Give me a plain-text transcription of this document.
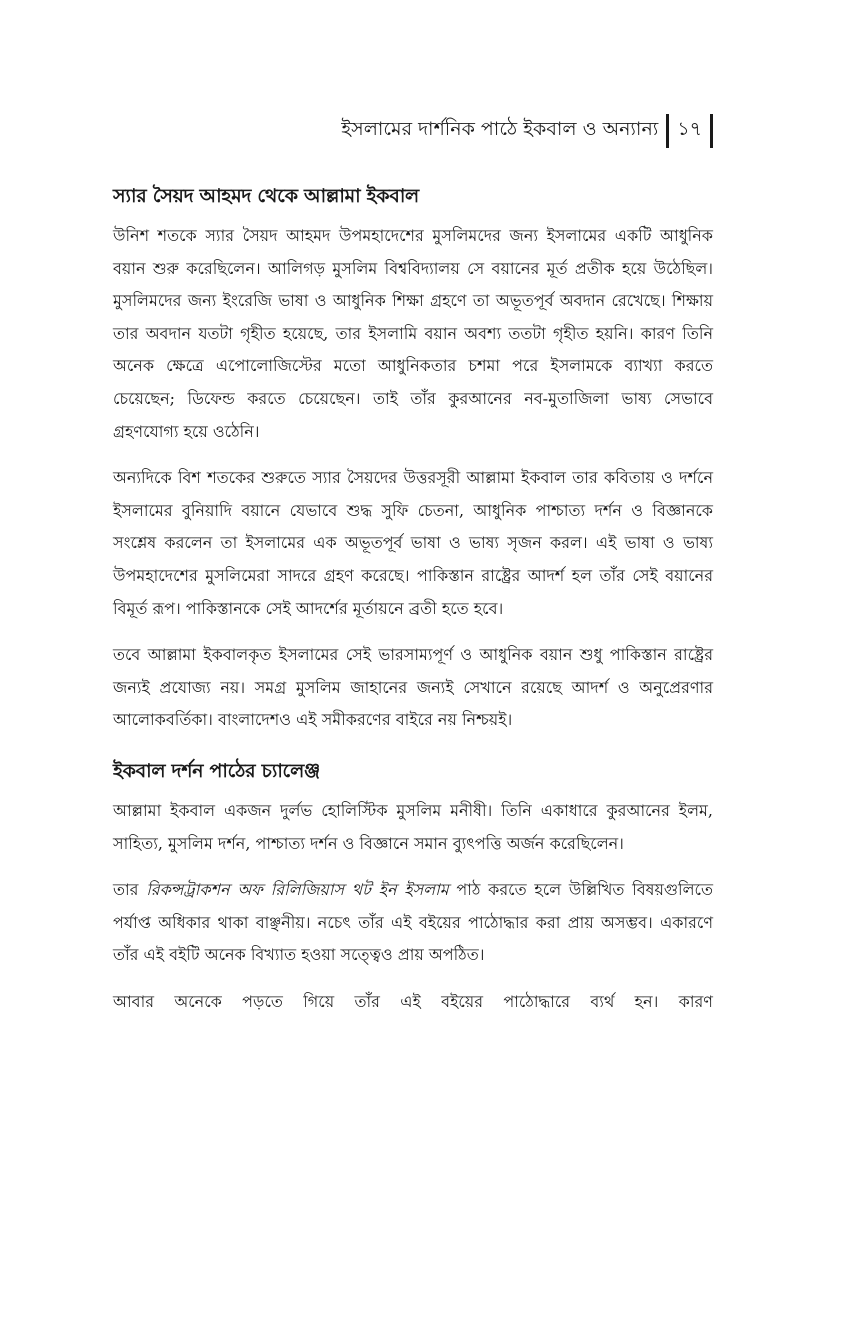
ইসলামের দার্শনিক পাঠে ইকবাল ও অন্যান্য ১৭
স্যার সৈয়দ আহমদ থেকে আল্লামা ইকবাল

উনিশ শতকে স্যার সৈয়দ আহমদ উপমহাদেশের মুসলিমদের জন্য ইসলামের একটি আধুনিক বয়ান শুরু করেছিলেন। আলিগড় মুসলিম বিশ্ববিদ্যালয় সে বয়ানের মূর্ত প্রতীক হয়ে উঠেছিল। মুসলিমদের জন্য ইংরেজি ভাষা ও আধুনিক শিক্ষা গ্রহণে তা অভূতপূর্ব অবদান রেখেছে। শিক্ষায় তার অবদান যতটা গৃহীত হয়েছে, তার ইসলামি বয়ান অবশ্য ততটা গৃহীত হয়নি। কারণ তিনি অনেক ক্ষেত্রে এপোলোজিস্টের মতো আধুনিকতার চশমা পরে ইসলামকে ব্যাখ্যা করতে চেয়েছেন; ডিফেন্ড করতে চেয়েছেন। তাই তাঁর কুরআনের নব-মুতাজিলা ভাষ্য সেভাবে গ্রহণযোগ্য হয়ে ওঠেনি।

অন্যদিকে বিশ শতকের শুরুতে স্যার সৈয়দের উত্তরসূরী আল্লামা ইকবাল তার কবিতায় ও দর্শনে ইসলামের বুনিয়াদি বয়ানে যেভাবে শুদ্ধ সুফি চেতনা, আধুনিক পাশ্চাত্য দর্শন ও বিজ্ঞানকে সংশ্লেষ করলেন তা ইসলামের এক অভূতপূর্ব ভাষা ও ভাষ্য সৃজন করল। এই ভাষা ও ভাষ্য উপমহাদেশের মুসলিমেরা সাদরে গ্রহণ করেছে। পাকিস্তান রাষ্ট্রের আদর্শ হল তাঁর সেই বয়ানের বিমূর্ত রূপ। পাকিস্তানকে সেই আদর্শের মূর্তায়নে ব্রতী হতে হবে।

তবে আল্লামা ইকবালকৃত ইসলামের সেই ভারসাম্যপূর্ণ ও আধুনিক বয়ান শুধু পাকিস্তান রাষ্ট্রের জন্যই প্রযোজ্য নয়। সমগ্র মুসলিম জাহানের জন্যই সেখানে রয়েছে আদর্শ ও অনুপ্রেরণার আলোকবর্তিকা। বাংলাদেশও এই সমীকরণের বাইরে নয় নিশ্চয়ই।

ইকবাল দর্শন পাঠের চ্যালেঞ্জ

আল্লামা ইকবাল একজন দুর্লভ হোলিস্টিক মুসলিম মনীষী। তিনি একাধারে কুরআনের ইলম, সাহিত্য, মুসলিম দর্শন, পাশ্চাত্য দর্শন ও বিজ্ঞানে সমান ব্যুৎপত্তি অর্জন করেছিলেন।

তার রিকন্সট্রাকশন অফ রিলিজিয়াস থট ইন ইসলাম পাঠ করতে হলে উল্লিখিত বিষয়গুলিতে পর্যাপ্ত অধিকার থাকা বাঞ্ছনীয়। নচেৎ তাঁর এই বইয়ের পাঠোদ্ধার করা প্রায় অসম্ভব। একারণে তাঁর এই বইটি অনেক বিখ্যাত হওয়া সত্ত্বেও প্রায় অপঠিত।

আবার অনেকে পড়তে গিয়ে তাঁর এই বইয়ের পাঠোদ্ধারে ব্যর্থ হন। কারণ
